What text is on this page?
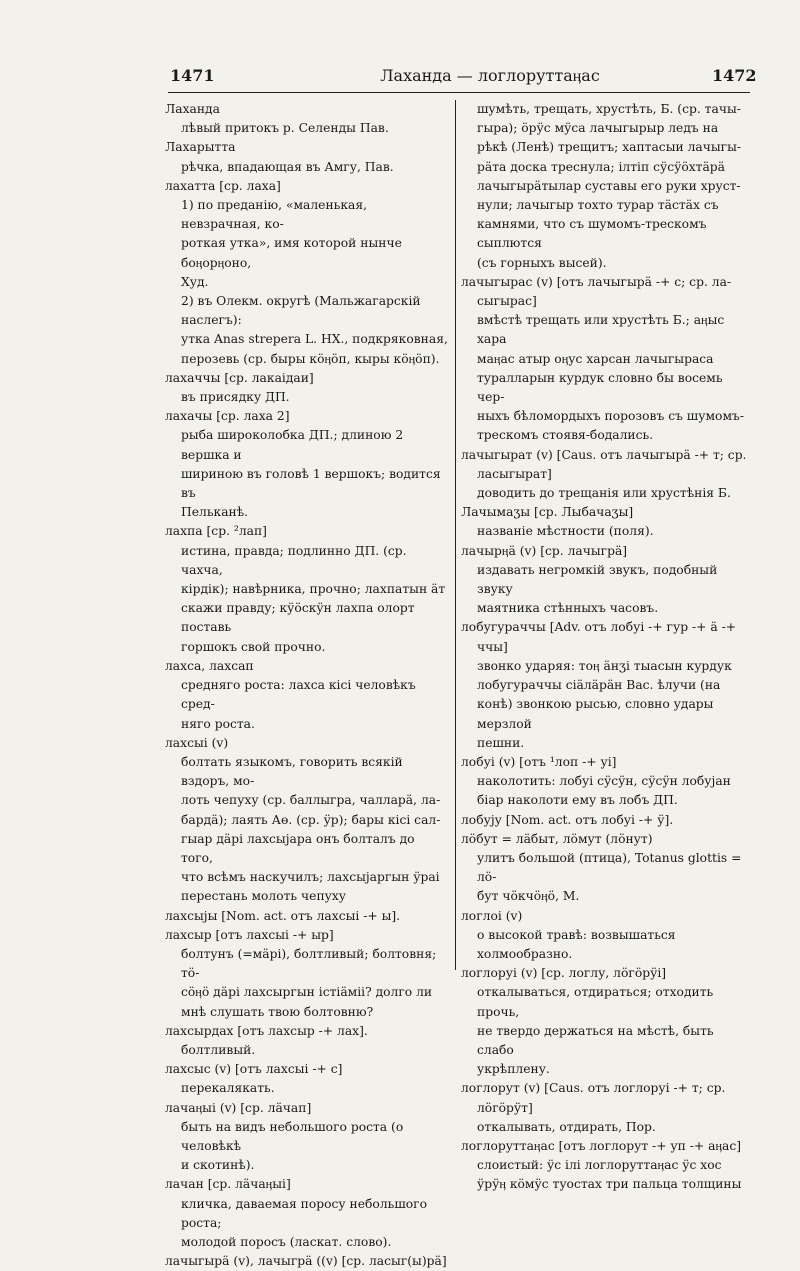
1471	Лаханда — логлоруттаӊас	1472

Лаханда

лѣвый притокъ р. Селенды Пав.

Лахарытта

рѣчка, впадающая въ Амгу, Пав.

лахатта [ср. лаха]

1) по преданію, «маленькая, невзрачная, ко-

роткая утка», имя которой нынче боӊорӊоно,

Худ.

2) въ Олекм. округѣ (Мальжагарскій наслегъ):

утка Anas strepera L. НХ., подкряковная,

перозевь (ср. быры кӧӊӧп, кыры кӧӊӧп).

лахаччы [ср. лакаідаи]

въ присядку ДП.

лахачы [ср. лаха 2]

рыба широколобка ДП.; длиною 2 вершка и

шириною въ головѣ 1 вершокъ; водится въ

Пельканѣ.

лахпа [ср. ²лап]

истина, правда; подлинно ДП. (ср. чахча,

кірдік); навѣрника, прочно; лахпатын ӓт

скажи правду; кӱӧскӱн лахпа олорт поставь

горшокъ свой прочно.

лахса, лахсап

средняго роста: лахса кісі человѣкъ сред-

няго роста.

лахсыі (v)

болтать языкомъ, говорить всякій вздоръ, мо-

лоть чепуху (ср. баллыгра, чалларӓ, ла-

бардӓ); лаять Аө. (ср. ӱр); бары кісі сал-

гыар дӓрі лахсыјара онъ болталъ до того,

что всѣмъ наскучилъ; лахсыјаргын ӱраі

перестань молоть чепуху

лахсыјы [Nom. act. отъ лахсыі -+ ы].

лахсыр [отъ лахсыі -+ ыр]

болтунъ (=мӓрі), болтливый; болтовня; тӧ-

сӧӊӧ дӓрі лахсыргын істіӓміі? долго ли

мнѣ слушать твою болтовню?

лахсырдах [отъ лахсыр -+ лах].

болтливый.

лахсыс (v) [отъ лахсыі -+ с]

перекалякать.

лачаӊыі (v) [ср. лӓчап]

быть на видъ небольшого роста (о человѣкѣ

и скотинѣ).

лачан [ср. лӓчаӊыі]

кличка, даваемая поросу небольшого роста;

молодой поросъ (ласкат. слово).

лачыгырӓ (v), лачыгрӓ ((v) [ср. ласыг(ы)рӓ]

шумѣть, трещать, хрустѣть, Б. (ср. тачы-

гыра); ӧрӱс мӱса лачыгырыр ледъ на

рѣкѣ (Ленѣ) трещитъ; хаптасыи лачыгы-

рӓта доска треснула; ілтіп сӱсӱӧхтӓрӓ

лачыгырӓтылар суставы его руки хруст-

нули; лачыгыр тохто турар тӓстӓх съ

камнями, что съ шумомъ-трескомъ сыплются

(съ горныхъ высей).

лачыгырас (v) [отъ лачыгырӓ -+ с; ср. ла-

сыгырас]

вмѣстѣ трещать или хрустѣть Б.; аӊыс хара

маӊас атыр оӊус харсан лачыгыраса

туралларын курдук словно бы восемь чер-

ныхъ бѣломордыхъ порозовъ съ шумомъ-

трескомъ стоявя-бодались.

лачыгырат (v) [Caus. отъ лачыгырӓ -+ т; ср.

ласыгырат]

доводить до трещанія или хрустѣнія Б.

Лачымаӡы [ср. Лыбачаӡы]

названіе мѣстности (поля).

лачырӊӓ (v) [ср. лачыгрӓ]

издавать негромкій звукъ, подобный звуку

маятника стѣнныхъ часовъ.

лобугураччы [Adv. отъ лобуі -+ гур -+ ӓ -+

ччы]

звонко ударяя: тоӊ ӓнӡі тыасын курдук

лобугураччы сіӓлӓрӓн Вас. ѣлучи (на

конѣ) звонкою рысью, словно удары мерзлой

пешни.

лобуі (v) [отъ ¹лоп -+ уі]

наколотить: лобуі сӱсӱн, сӱсӱн лобујан

біар наколоти ему въ лобъ ДП.

лобују [Nom. act. отъ лобуі -+ ӱ].

лӧбут = лӓбыт, лӧмут (лӧнут)

улитъ большой (птица), Totanus glottis = лӧ-

бут чӧкчӧӊӧ, М.

логлоі (v)

о высокой травѣ: возвышаться холмообразно.

логлоруі (v) [ср. логлу, лӧгӧрӱі]

откалываться, отдираться; отходить прочь,

не твердо держаться на мѣстѣ, быть слабо

укрѣплену.

логлорут (v) [Caus. отъ логлоруі -+ т; ср.

лӧгӧрӱт]

откалывать, отдирать, Пор.

логлоруттаӊас [отъ логлорут -+ уп -+ аӊас]

слоистый: ӱс ілі логлоруттаӊас ӱс хос

ӱрӱӊ кӧмӱс туостах три пальца толщины
